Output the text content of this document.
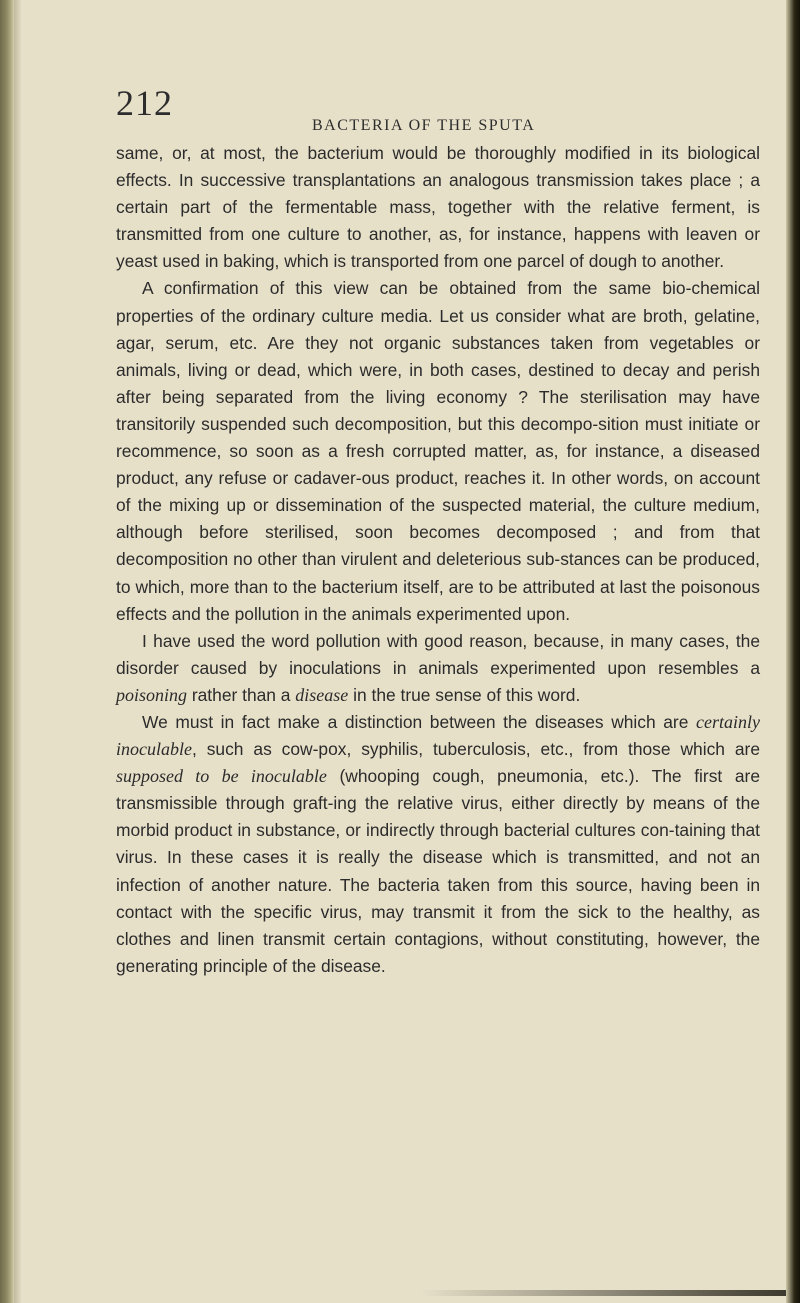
212
BACTERIA OF THE SPUTA

same, or, at most, the bacterium would be thoroughly modified in its biological effects. In successive transplantations an analogous transmission takes place ; a certain part of the fermentable mass, together with the relative ferment, is transmitted from one culture to another, as, for instance, happens with leaven or yeast used in baking, which is transported from one parcel of dough to another.

A confirmation of this view can be obtained from the same bio-chemical properties of the ordinary culture media. Let us consider what are broth, gelatine, agar, serum, etc. Are they not organic substances taken from vegetables or animals, living or dead, which were, in both cases, destined to decay and perish after being separated from the living economy ? The sterilisation may have transitorily suspended such decomposition, but this decompo-sition must initiate or recommence, so soon as a fresh corrupted matter, as, for instance, a diseased product, any refuse or cadaver-ous product, reaches it. In other words, on account of the mixing up or dissemination of the suspected material, the culture medium, although before sterilised, soon becomes decomposed ; and from that decomposition no other than virulent and deleterious sub-stances can be produced, to which, more than to the bacterium itself, are to be attributed at last the poisonous effects and the pollution in the animals experimented upon.

I have used the word pollution with good reason, because, in many cases, the disorder caused by inoculations in animals experimented upon resembles a poisoning rather than a disease in the true sense of this word.

We must in fact make a distinction between the diseases which are certainly inoculable, such as cow-pox, syphilis, tuberculosis, etc., from those which are supposed to be inoculable (whooping cough, pneumonia, etc.). The first are transmissible through graft-ing the relative virus, either directly by means of the morbid product in substance, or indirectly through bacterial cultures con-taining that virus. In these cases it is really the disease which is transmitted, and not an infection of another nature. The bacteria taken from this source, having been in contact with the specific virus, may transmit it from the sick to the healthy, as clothes and linen transmit certain contagions, without constituting, however, the generating principle of the disease.
